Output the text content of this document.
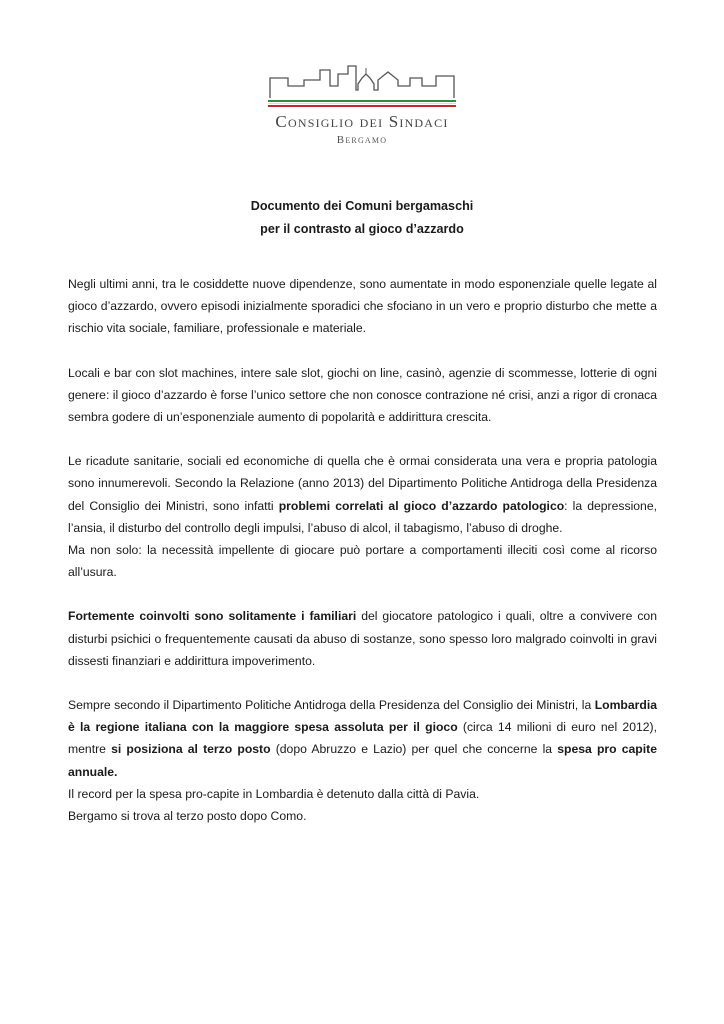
Consiglio dei Sindaci
Bergamo
Documento dei Comuni bergamaschi
per il contrasto al gioco d’azzardo

Negli ultimi anni, tra le cosiddette nuove dipendenze, sono aumentate in modo esponenziale quelle legate al gioco d’azzardo, ovvero episodi inizialmente sporadici che sfociano in un vero e proprio disturbo che mette a rischio vita sociale, familiare, professionale e materiale.

Locali e bar con slot machines, intere sale slot, giochi on line, casinò, agenzie di scommesse, lotterie di ogni genere: il gioco d’azzardo è forse l’unico settore che non conosce contrazione né crisi, anzi a rigor di cronaca sembra godere di un’esponenziale aumento di popolarità e addirittura crescita.

Le ricadute sanitarie, sociali ed economiche di quella che è ormai considerata una vera e propria patologia sono innumerevoli. Secondo la Relazione (anno 2013) del Dipartimento Politiche Antidroga della Presidenza del Consiglio dei Ministri, sono infatti problemi correlati al gioco d’azzardo patologico: la depressione, l’ansia, il disturbo del controllo degli impulsi, l’abuso di alcol, il tabagismo, l’abuso di droghe.

Ma non solo: la necessità impellente di giocare può portare a comportamenti illeciti così come al ricorso all’usura.

Fortemente coinvolti sono solitamente i familiari del giocatore patologico i quali, oltre a convivere con disturbi psichici o frequentemente causati da abuso di sostanze, sono spesso loro malgrado coinvolti in gravi dissesti finanziari e addirittura impoverimento.

Sempre secondo il Dipartimento Politiche Antidroga della Presidenza del Consiglio dei Ministri, la Lombardia è la regione italiana con la maggiore spesa assoluta per il gioco (circa 14 milioni di euro nel 2012), mentre si posiziona al terzo posto (dopo Abruzzo e Lazio) per quel che concerne la spesa pro capite annuale.

Il record per la spesa pro-capite in Lombardia è detenuto dalla città di Pavia.

Bergamo si trova al terzo posto dopo Como.
